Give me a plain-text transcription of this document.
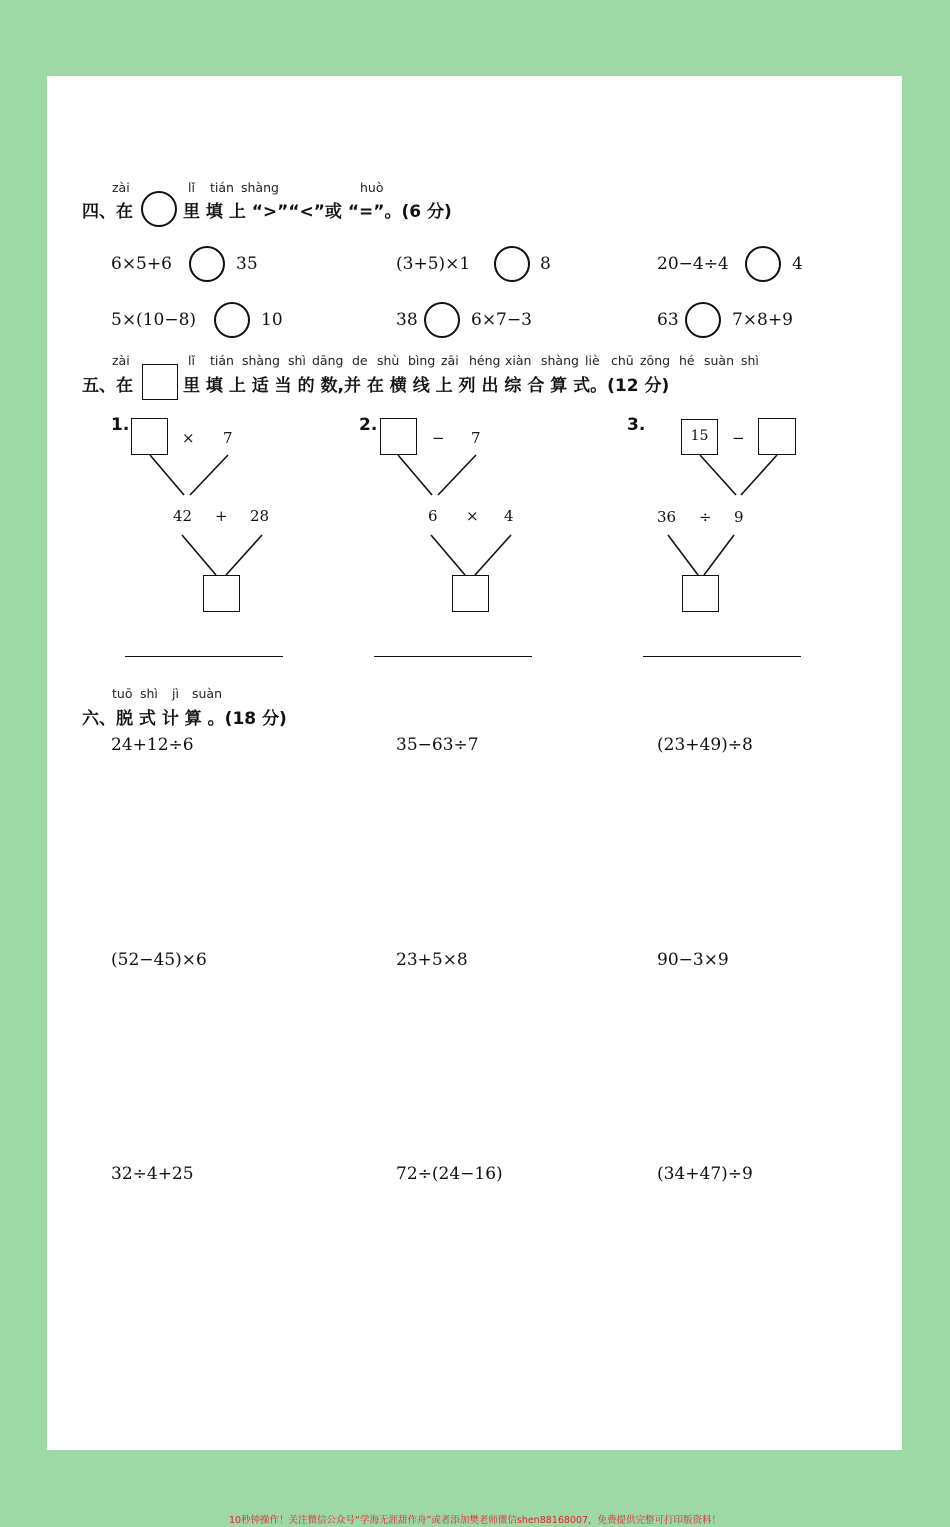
zài	lǐ tián shàng	huò
四、在	里 填 上 “>”“<”或 “=”。(6 分)
6×5+6	35	(3+5)×1	8	20−4÷4	4
5×(10−8)	10	38	6×7−3	63	7×8+9
zài	lǐ tián shàng shì dāng de shù bìng zāi héng xiàn shàng liè chū zōng hé suàn shì
五、在	里 填 上 适 当 的 数,并 在 横 线 上 列 出 综 合 算 式。(12 分)
1.
× 7
42 + 28
2.
− 7
6 × 4
3.
15	−
36 ÷ 9
tuō shì jì suàn
六、脱 式 计 算 。(18 分)
24+12÷6	35−63÷7	(23+49)÷8
(52−45)×6	23+5×8	90−3×9
32÷4+25	72÷(24−16)	(34+47)÷9
10秒钟操作！关注微信公众号“学海无涯甜作舟”或者添加樊老师微信shen88168007，免费提供完整可打印版资料！
